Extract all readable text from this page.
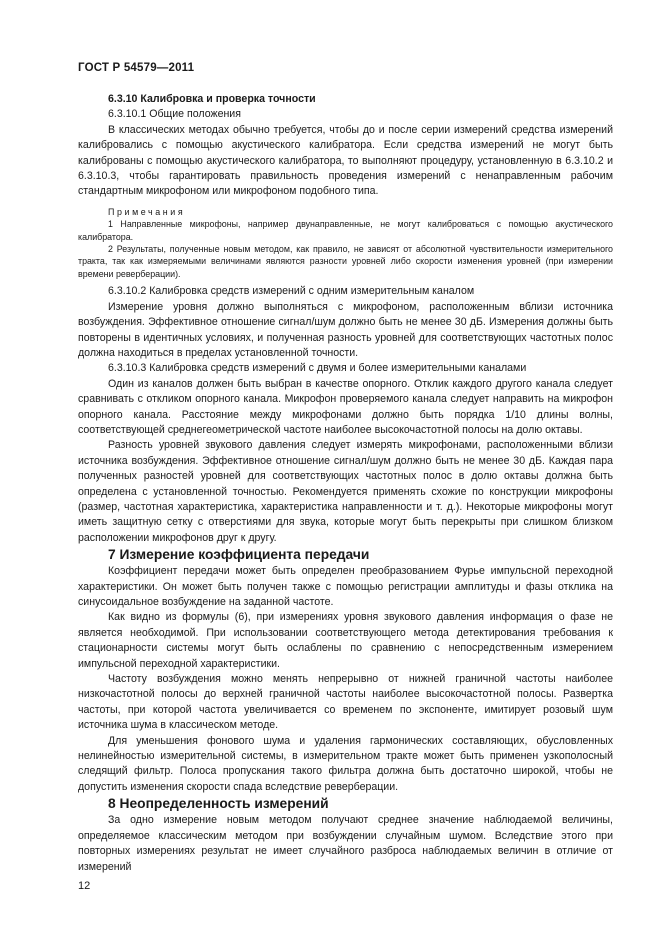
ГОСТ Р 54579—2011

6.3.10 Калибровка и проверка точности

6.3.10.1 Общие положения

В классических методах обычно требуется, чтобы до и после серии измерений средства измерений калибровались с помощью акустического калибратора. Если средства измерений не могут быть калиброваны с помощью акустического калибратора, то выполняют процедуру, установленную в 6.3.10.2 и 6.3.10.3, чтобы гарантировать правильность проведения измерений с ненаправленным рабочим стандартным микрофоном или микрофоном подобного типа.

Примечания

1 Направленные микрофоны, например двунаправленные, не могут калиброваться с помощью акустического калибратора.

2 Результаты, полученные новым методом, как правило, не зависят от абсолютной чувствительности измерительного тракта, так как измеряемыми величинами являются разности уровней либо скорости изменения уровней (при измерении времени реверберации).

6.3.10.2 Калибровка средств измерений с одним измерительным каналом

Измерение уровня должно выполняться с микрофоном, расположенным вблизи источника возбуждения. Эффективное отношение сигнал/шум должно быть не менее 30 дБ. Измерения должны быть повторены в идентичных условиях, и полученная разность уровней для соответствующих частотных полос должна находиться в пределах установленной точности.

6.3.10.3 Калибровка средств измерений с двумя и более измерительными каналами

Один из каналов должен быть выбран в качестве опорного. Отклик каждого другого канала следует сравнивать с откликом опорного канала. Микрофон проверяемого канала следует направить на микрофон опорного канала. Расстояние между микрофонами должно быть порядка 1/10 длины волны, соответствующей среднегеометрической частоте наиболее высокочастотной полосы на долю октавы.

Разность уровней звукового давления следует измерять микрофонами, расположенными вблизи источника возбуждения. Эффективное отношение сигнал/шум должно быть не менее 30 дБ. Каждая пара полученных разностей уровней для соответствующих частотных полос в долю октавы должна быть определена с установленной точностью. Рекомендуется применять схожие по конструкции микрофоны (размер, частотная характеристика, характеристика направленности и т. д.). Некоторые микрофоны могут иметь защитную сетку с отверстиями для звука, которые могут быть перекрыты при слишком близком расположении микрофонов друг к другу.

7 Измерение коэффициента передачи

Коэффициент передачи может быть определен преобразованием Фурье импульсной переходной характеристики. Он может быть получен также с помощью регистрации амплитуды и фазы отклика на синусоидальное возбуждение на заданной частоте.

Как видно из формулы (6), при измерениях уровня звукового давления информация о фазе не является необходимой. При использовании соответствующего метода детектирования требования к стационарности системы могут быть ослаблены по сравнению с непосредственным измерением импульсной переходной характеристики.

Частоту возбуждения можно менять непрерывно от нижней граничной частоты наиболее низкочастотной полосы до верхней граничной частоты наиболее высокочастотной полосы. Развертка частоты, при которой частота увеличивается со временем по экспоненте, имитирует розовый шум источника шума в классическом методе.

Для уменьшения фонового шума и удаления гармонических составляющих, обусловленных нелинейностью измерительной системы, в измерительном тракте может быть применен узкополосный следящий фильтр. Полоса пропускания такого фильтра должна быть достаточно широкой, чтобы не допустить изменения скорости спада вследствие реверберации.

8 Неопределенность измерений

За одно измерение новым методом получают среднее значение наблюдаемой величины, определяемое классическим методом при возбуждении случайным шумом. Вследствие этого при повторных измерениях результат не имеет случайного разброса наблюдаемых величин в отличие от измерений

12
